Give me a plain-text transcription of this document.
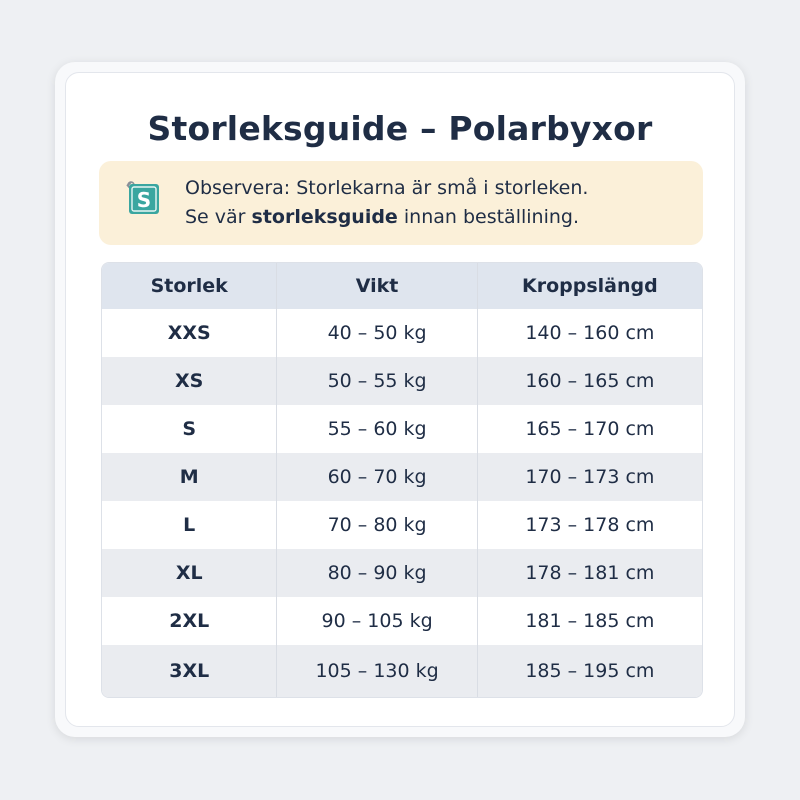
Storleksguide – Polarbyxor
S Observera: Storlekarna är små i storleken.
Se vär storleksguide innan beställining.
Storlek	Vikt	Kroppslängd
XXS	40 – 50 kg	140 – 160 cm
XS	50 – 55 kg	160 – 165 cm
S	55 – 60 kg	165 – 170 cm
M	60 – 70 kg	170 – 173 cm
L	70 – 80 kg	173 – 178 cm
XL	80 – 90 kg	178 – 181 cm
2XL	90 – 105 kg	181 – 185 cm
3XL	105 – 130 kg	185 – 195 cm
